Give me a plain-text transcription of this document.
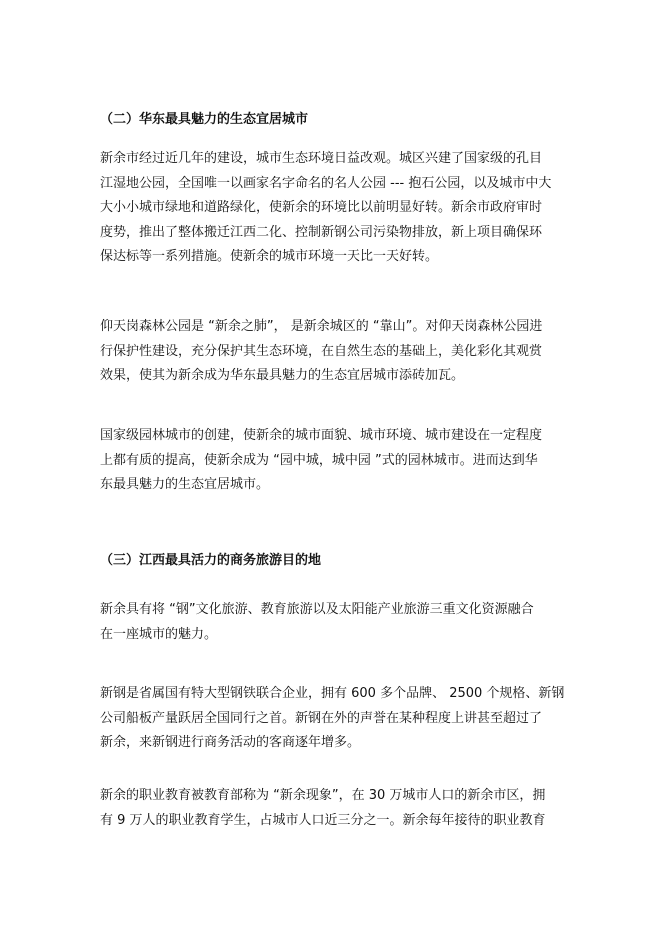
（二）华东最具魅力的生态宜居城市
新余市经过近几年的建设，城市生态环境日益改观。城区兴建了国家级的孔目
江湿地公园，全国唯一以画家名字命名的名人公园 --- 抱石公园，以及城市中大
大小小城市绿地和道路绿化，使新余的环境比以前明显好转。新余市政府审时
度势，推出了整体搬迁江西二化、控制新钢公司污染物排放，新上项目确保环
保达标等一系列措施。使新余的城市环境一天比一天好转。
仰天岗森林公园是 “新余之肺”， 是新余城区的 “靠山”。对仰天岗森林公园进
行保护性建设，充分保护其生态环境，在自然生态的基础上，美化彩化其观赏
效果，使其为新余成为华东最具魅力的生态宜居城市添砖加瓦。
国家级园林城市的创建，使新余的城市面貌、城市环境、城市建设在一定程度
上都有质的提高，使新余成为 “园中城，城中园 ”式的园林城市。进而达到华
东最具魅力的生态宜居城市。
（三）江西最具活力的商务旅游目的地
新余具有将 “钢”文化旅游、教育旅游以及太阳能产业旅游三重文化资源融合
在一座城市的魅力。
新钢是省属国有特大型钢铁联合企业，拥有 600 多个品牌、 2500 个规格、新钢
公司船板产量跃居全国同行之首。新钢在外的声誉在某种程度上讲甚至超过了
新余，来新钢进行商务活动的客商逐年增多。
新余的职业教育被教育部称为 “新余现象”，在 30 万城市人口的新余市区，拥
有 9 万人的职业教育学生，占城市人口近三分之一。新余每年接待的职业教育
